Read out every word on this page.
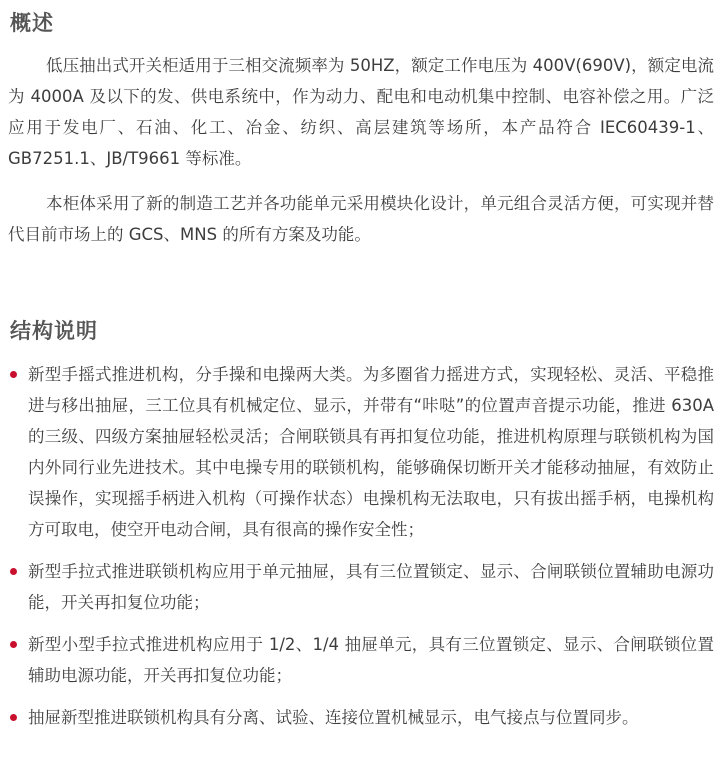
概述

低压抽出式开关柜适用于三相交流频率为 50HZ，额定工作电压为 400V(690V)，额定电流为 4000A 及以下的发、供电系统中，作为动力、配电和电动机集中控制、电容补偿之用。广泛应用于发电厂、石油、化工、冶金、纺织、高层建筑等场所，本产品符合 IEC60439-1、GB7251.1、JB/T9661 等标准。

本柜体采用了新的制造工艺并各功能单元采用模块化设计，单元组合灵活方便，可实现并替代目前市场上的 GCS、MNS 的所有方案及功能。

结构说明
新型手摇式推进机构，分手操和电操两大类。为多圈省力摇进方式，实现轻松、灵活、平稳推进与移出抽屉，三工位具有机械定位、显示，并带有“咔哒”的位置声音提示功能，推进 630A 的三级、四级方案抽屉轻松灵活；合闸联锁具有再扣复位功能，推进机构原理与联锁机构为国内外同行业先进技术。其中电操专用的联锁机构，能够确保切断开关才能移动抽屉，有效防止误操作，实现摇手柄进入机构（可操作状态）电操机构无法取电，只有拔出摇手柄，电操机构方可取电，使空开电动合闸，具有很高的操作安全性；
新型手拉式推进联锁机构应用于单元抽屉，具有三位置锁定、显示、合闸联锁位置辅助电源功能，开关再扣复位功能；
新型小型手拉式推进机构应用于 1/2、1/4 抽屉单元，具有三位置锁定、显示、合闸联锁位置辅助电源功能，开关再扣复位功能；
抽屉新型推进联锁机构具有分离、试验、连接位置机械显示，电气接点与位置同步。
